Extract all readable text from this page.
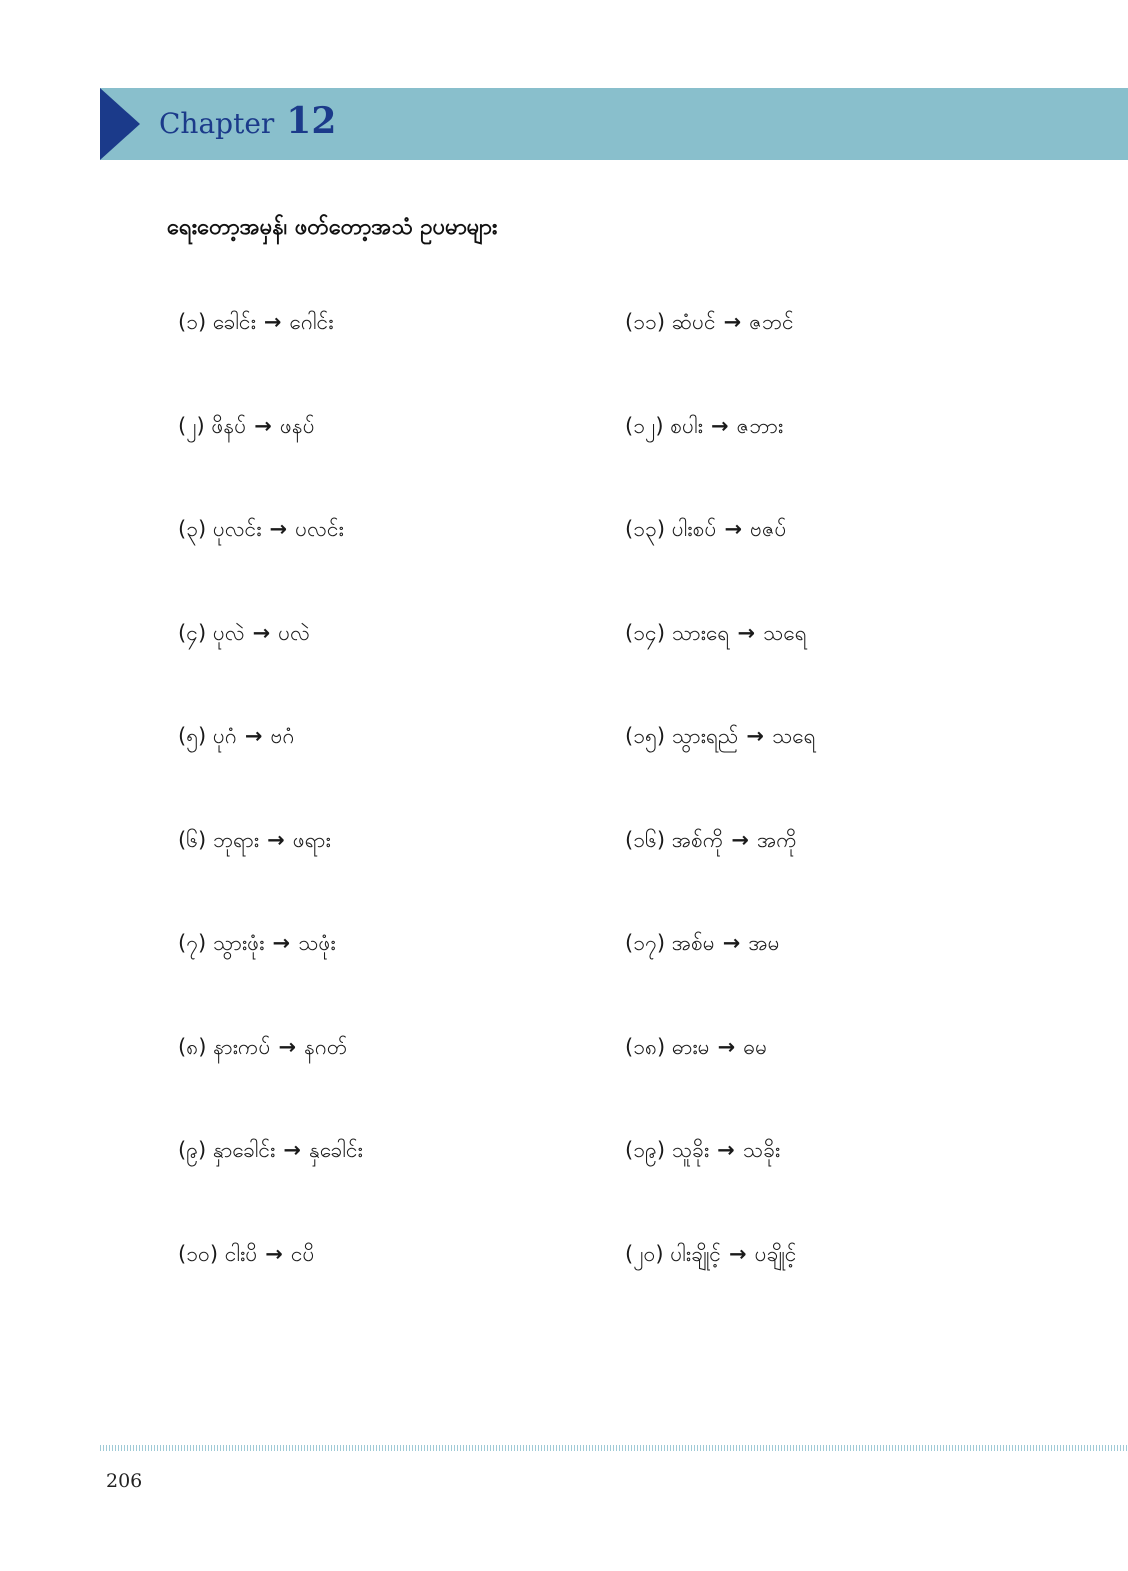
Chapter 12
ရေးတော့အမှန်၊ ဖတ်တော့အသံ ဥပမာများ
(၁) ခေါင်း → ဂေါင်း
(၂) ဖိနပ် → ဖနပ်
(၃) ပုလင်း → ပလင်း
(၄) ပုလဲ → ပလဲ
(၅) ပုဂံ → ဗဂံ
(၆) ဘုရား → ဖရား
(၇) သွားဖုံး → သဖုံး
(၈) နားကပ် → နဂတ်
(၉) နှာခေါင်း → နှခေါင်း
(၁၀) ငါးပိ → ငပိ
(၁၁) ဆံပင် → ဇဘင်
(၁၂) စပါး → ဇဘား
(၁၃) ပါးစပ် → ဗဇပ်
(၁၄) သားရေ → သရေ
(၁၅) သွားရည် → သရေ
(၁၆) အစ်ကို → အကို
(၁၇) အစ်မ → အမ
(၁၈) ဓားမ → ဓမ
(၁၉) သူခိုး → သခိုး
(၂၀) ပါးချိုင့် → ပချိုင့်
206
